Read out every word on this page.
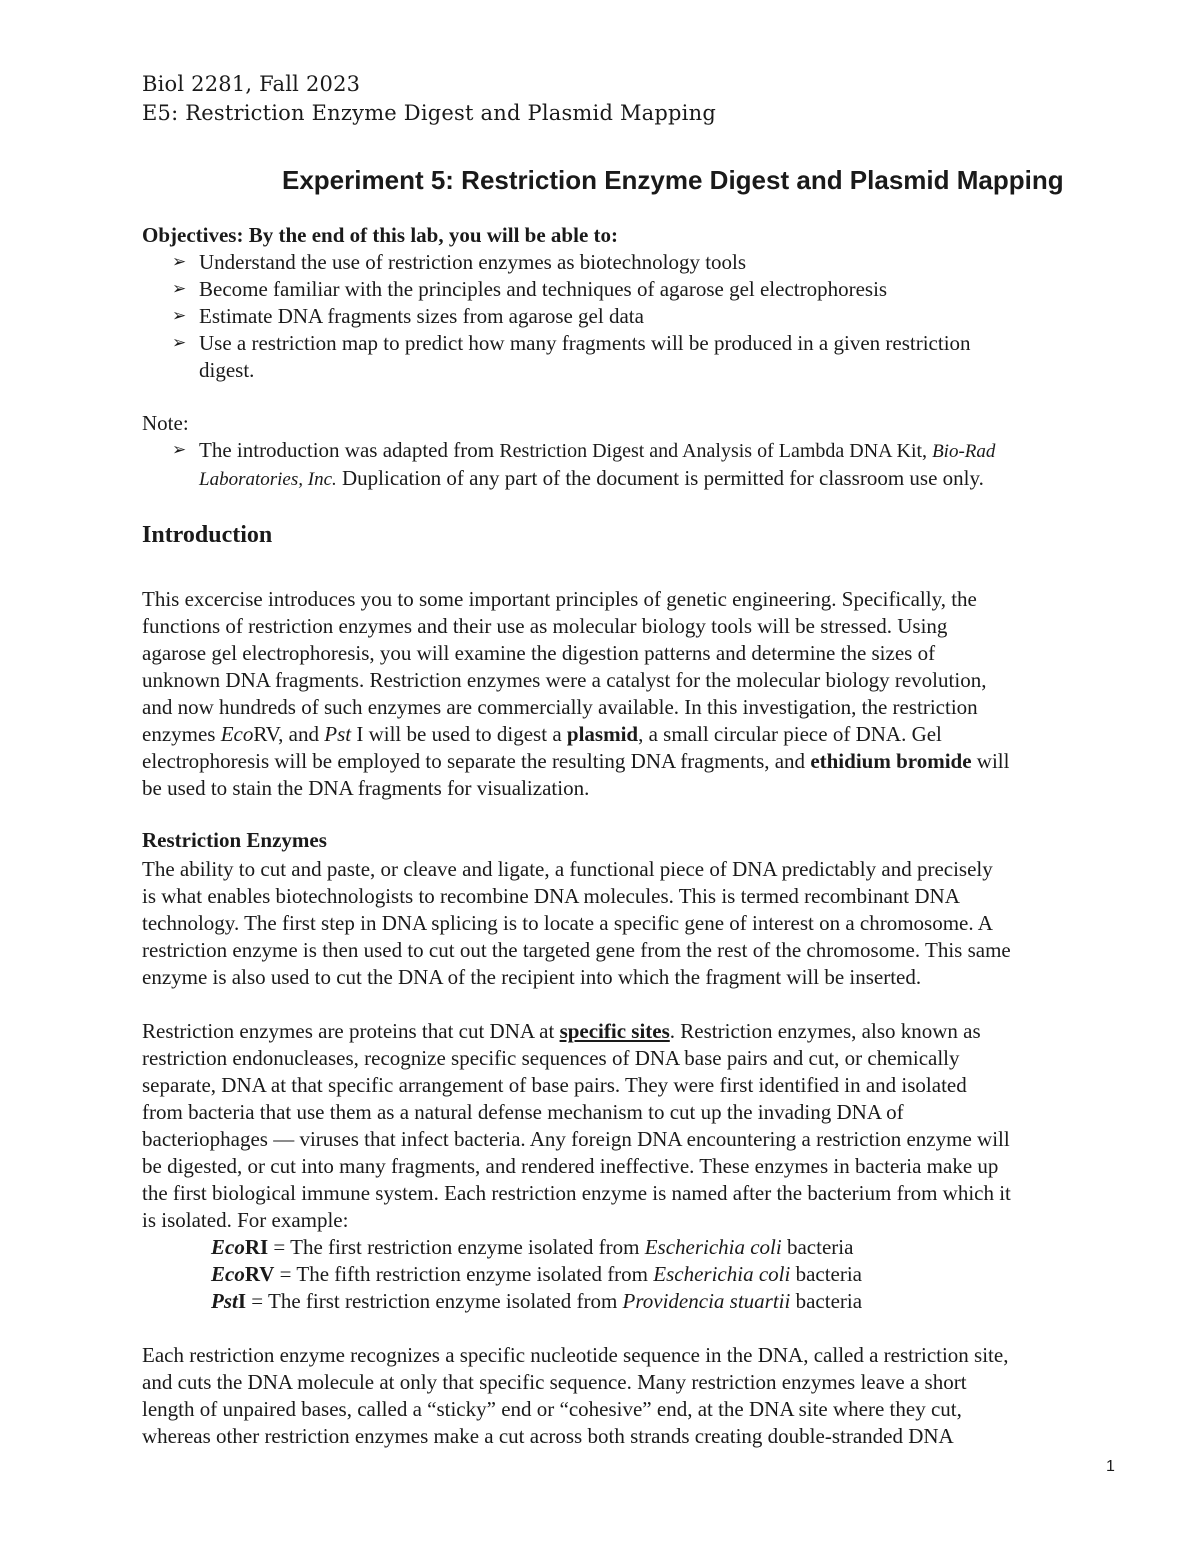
Biol 2281, Fall 2023
E5: Restriction Enzyme Digest and Plasmid Mapping
Experiment 5: Restriction Enzyme Digest and Plasmid Mapping
Objectives: By the end of this lab, you will be able to:
➢ Understand the use of restriction enzymes as biotechnology tools
➢ Become familiar with the principles and techniques of agarose gel electrophoresis
➢ Estimate DNA fragments sizes from agarose gel data
➢ Use a restriction map to predict how many fragments will be produced in a given restriction
digest.
Note:
➢ The introduction was adapted from Restriction Digest and Analysis of Lambda DNA Kit, Bio-Rad
Laboratories, Inc. Duplication of any part of the document is permitted for classroom use only.
Introduction
This excercise introduces you to some important principles of genetic engineering. Specifically, the
functions of restriction enzymes and their use as molecular biology tools will be stressed. Using
agarose gel electrophoresis, you will examine the digestion patterns and determine the sizes of
unknown DNA fragments. Restriction enzymes were a catalyst for the molecular biology revolution,
and now hundreds of such enzymes are commercially available. In this investigation, the restriction
enzymes EcoRV, and Pst I will be used to digest a plasmid, a small circular piece of DNA. Gel
electrophoresis will be employed to separate the resulting DNA fragments, and ethidium bromide will
be used to stain the DNA fragments for visualization.
Restriction Enzymes
The ability to cut and paste, or cleave and ligate, a functional piece of DNA predictably and precisely
is what enables biotechnologists to recombine DNA molecules. This is termed recombinant DNA
technology. The first step in DNA splicing is to locate a specific gene of interest on a chromosome. A
restriction enzyme is then used to cut out the targeted gene from the rest of the chromosome. This same
enzyme is also used to cut the DNA of the recipient into which the fragment will be inserted.
Restriction enzymes are proteins that cut DNA at specific sites. Restriction enzymes, also known as
restriction endonucleases, recognize specific sequences of DNA base pairs and cut, or chemically
separate, DNA at that specific arrangement of base pairs. They were first identified in and isolated
from bacteria that use them as a natural defense mechanism to cut up the invading DNA of
bacteriophages — viruses that infect bacteria. Any foreign DNA encountering a restriction enzyme will
be digested, or cut into many fragments, and rendered ineffective. These enzymes in bacteria make up
the first biological immune system. Each restriction enzyme is named after the bacterium from which it
is isolated. For example:
EcoRI = The first restriction enzyme isolated from Escherichia coli bacteria
EcoRV = The fifth restriction enzyme isolated from Escherichia coli bacteria
PstI = The first restriction enzyme isolated from Providencia stuartii bacteria
Each restriction enzyme recognizes a specific nucleotide sequence in the DNA, called a restriction site,
and cuts the DNA molecule at only that specific sequence. Many restriction enzymes leave a short
length of unpaired bases, called a “sticky” end or “cohesive” end, at the DNA site where they cut,
whereas other restriction enzymes make a cut across both strands creating double-stranded DNA
1
